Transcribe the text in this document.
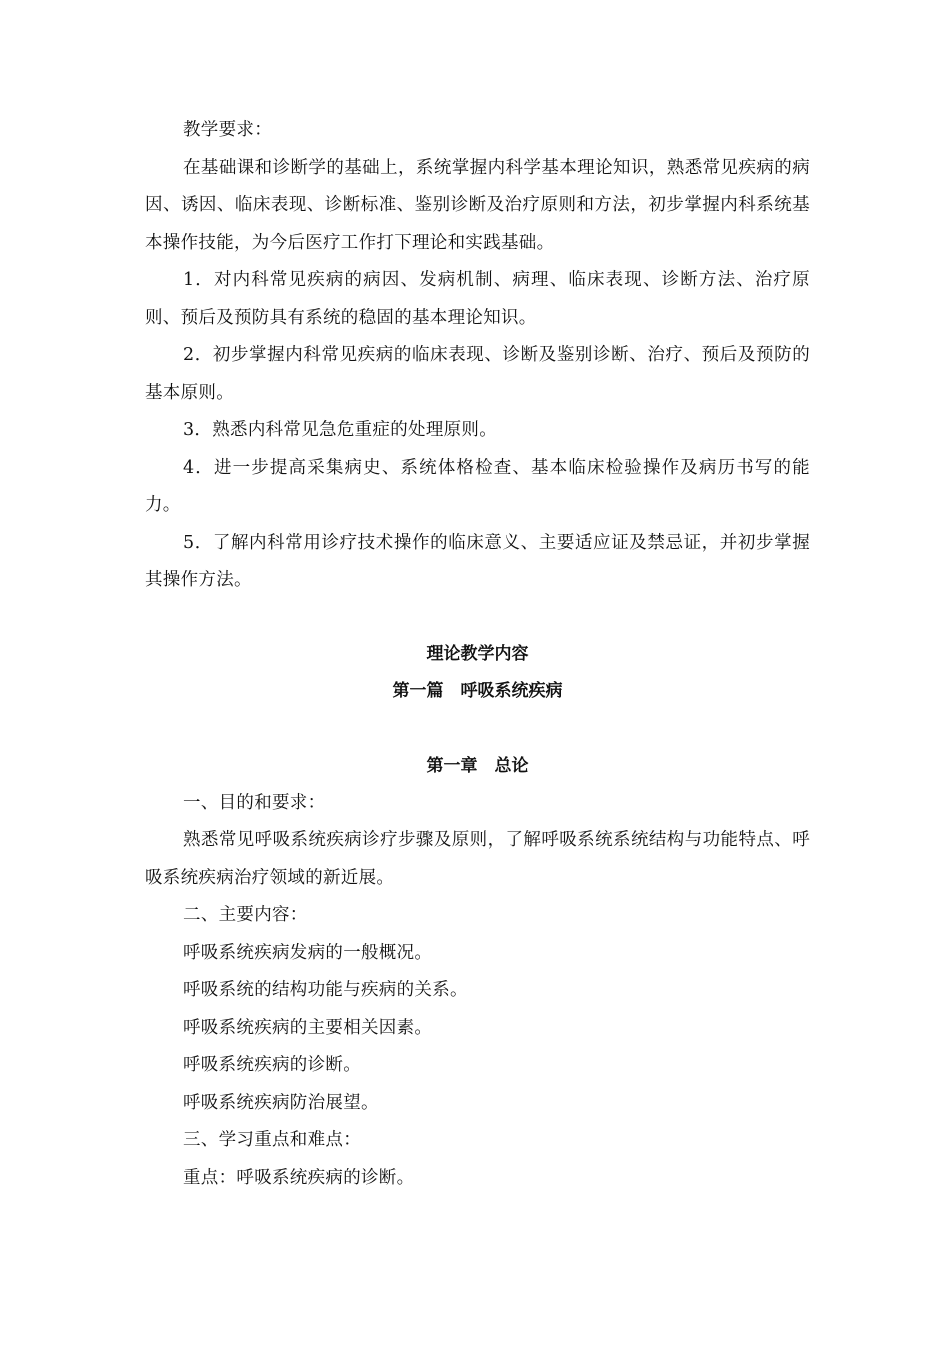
教学要求：

在基础课和诊断学的基础上，系统掌握内科学基本理论知识，熟悉常见疾病的病因、诱因、临床表现、诊断标准、鉴别诊断及治疗原则和方法，初步掌握内科系统基本操作技能，为今后医疗工作打下理论和实践基础。

1．对内科常见疾病的病因、发病机制、病理、临床表现、诊断方法、治疗原则、预后及预防具有系统的稳固的基本理论知识。

2．初步掌握内科常见疾病的临床表现、诊断及鉴别诊断、治疗、预后及预防的基本原则。

3．熟悉内科常见急危重症的处理原则。

4．进一步提高采集病史、系统体格检查、基本临床检验操作及病历书写的能力。

5．了解内科常用诊疗技术操作的临床意义、主要适应证及禁忌证，并初步掌握其操作方法。

理论教学内容

第一篇　呼吸系统疾病

第一章　总论

一、目的和要求：

熟悉常见呼吸系统疾病诊疗步骤及原则，了解呼吸系统系统结构与功能特点、呼吸系统疾病治疗领域的新近展。

二、主要内容：

呼吸系统疾病发病的一般概况。

呼吸系统的结构功能与疾病的关系。

呼吸系统疾病的主要相关因素。

呼吸系统疾病的诊断。

呼吸系统疾病防治展望。

三、学习重点和难点：

重点：呼吸系统疾病的诊断。
